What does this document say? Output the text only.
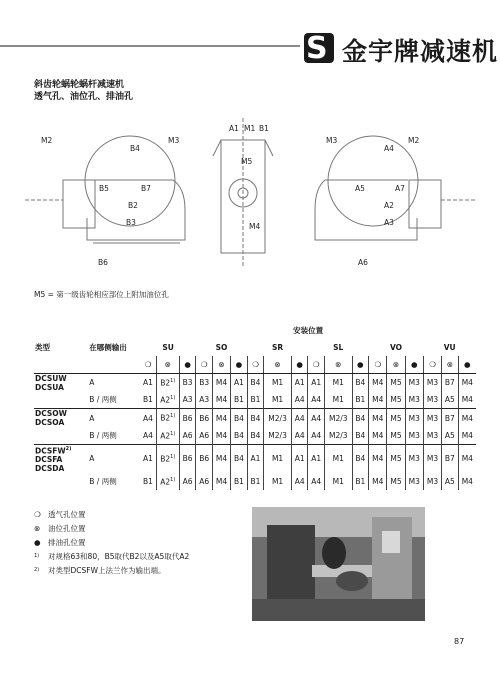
S 金宇牌减速机
斜齿轮蜗轮蜗杆减速机
透气孔、油位孔、排油孔
M2	M3
B4
B5	B7
B2
B3
B6
A1 M1 B1
M5
M4
M3	M2
A4
A5	A7
A2
A3
A6
M5 = 第一级齿轮相应部位上附加油位孔
		安装位置																	
类型	在哪侧输出	SU			SO			SR			SL			VO			VU		
		❍	⊗	●	❍	⊗	●	❍	⊗	●	❍	⊗	●	❍	⊗	●	❍	⊗	●

DCSUW
DCSUA	A	A1	B2$^{1)}$	B3	B3	M4	A1	B4	M1	A1	A1	M1	B4	M4	M5	M3	M3	B7	M4
	B / 两侧	B1	A2$^{1)}$	A3	A3	M4	B1	B1	M1	A4	A4	M1	B1	M4	M5	M3	M3	A5	M4

DCSOW
DCSOA	A	A4	B2$^{1)}$	B6	B6	M4	B4	B4	M2/3	A4	A4	M2/3	B4	M4	M5	M3	M3	B7	M4
	B / 两侧	A4	A2$^{1)}$	A6	A6	M4	B4	B4	M2/3	A4	A4	M2/3	B4	M4	M5	M3	M3	A5	M4

DCSFW$^{2)}$
DCSFA
DCSDA	A	A1	B2$^{1)}$	B6	B6	M4	B4	A1	M1	A1	A1	M1	B4	M4	M5	M3	M3	B7	M4
	B / 两侧	B1	A2$^{1)}$	A6	A6	M4	B1	B1	M1	A4	A4	M1	B1	M4	M5	M3	M3	A5	M4
❍ 透气孔位置
⊗	油位孔位置
● 排油孔位置
1)	对规格63和80，B5取代B2以及A5取代A2
2)	对类型DCSFW上法兰作为输出端。
87
